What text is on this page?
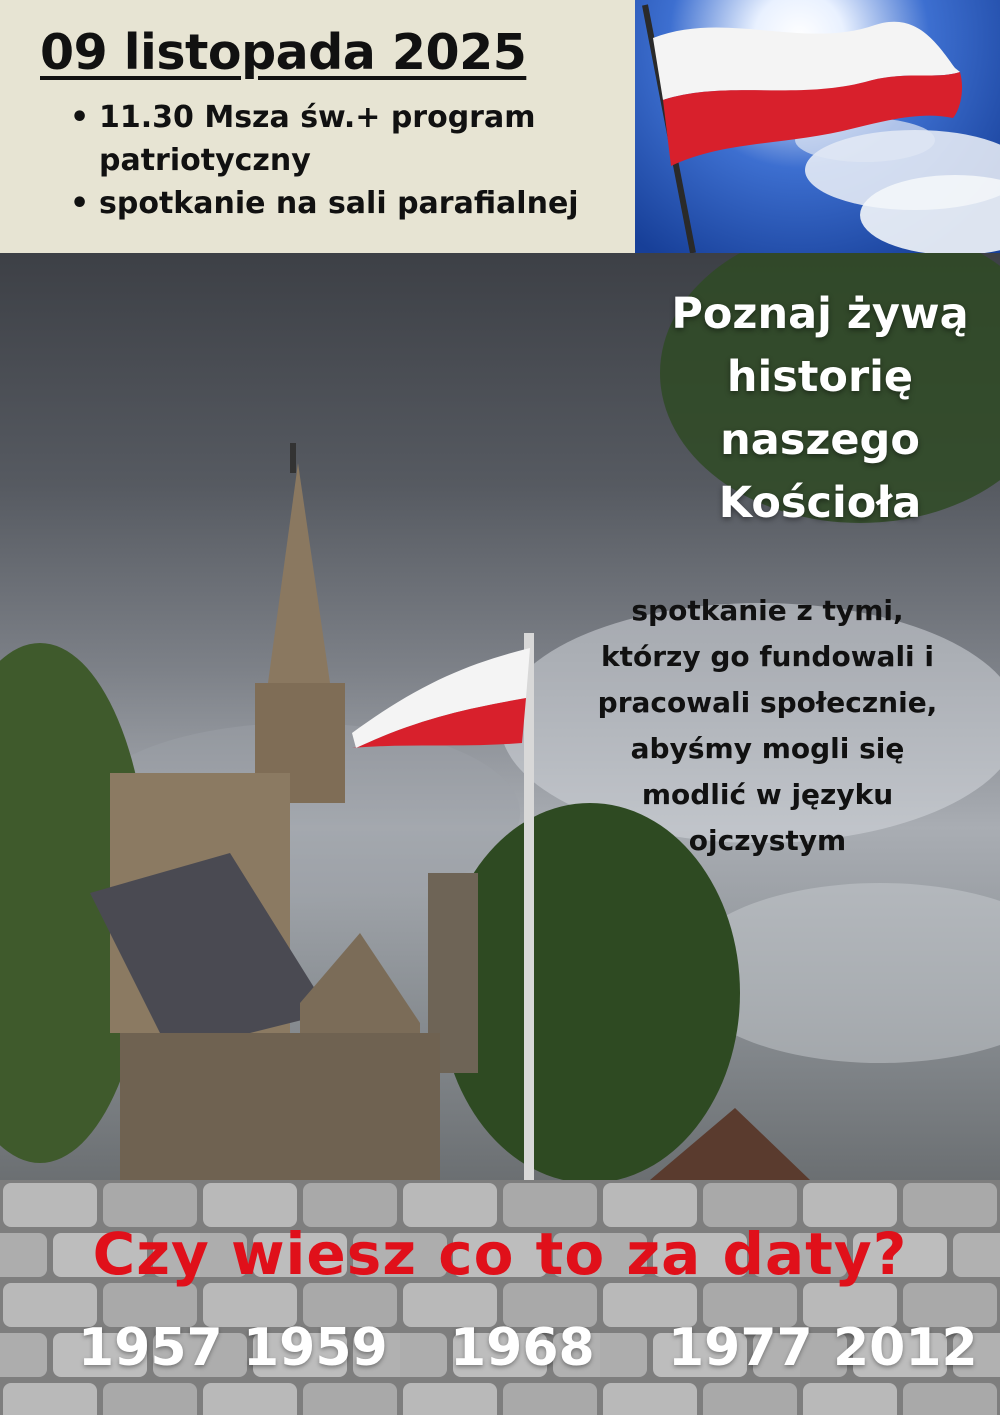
09 listopada 2025
• 11.30 Msza św.+ program patriotyczny
• spotkanie na sali parafialnej
Poznaj żywą historię naszego Kościoła
spotkanie z tymi, którzy go fundowali i pracowali społecznie, abyśmy mogli się modlić w języku ojczystym
Czy wiesz co to za daty?
1957 1959 1968 1977 2012
